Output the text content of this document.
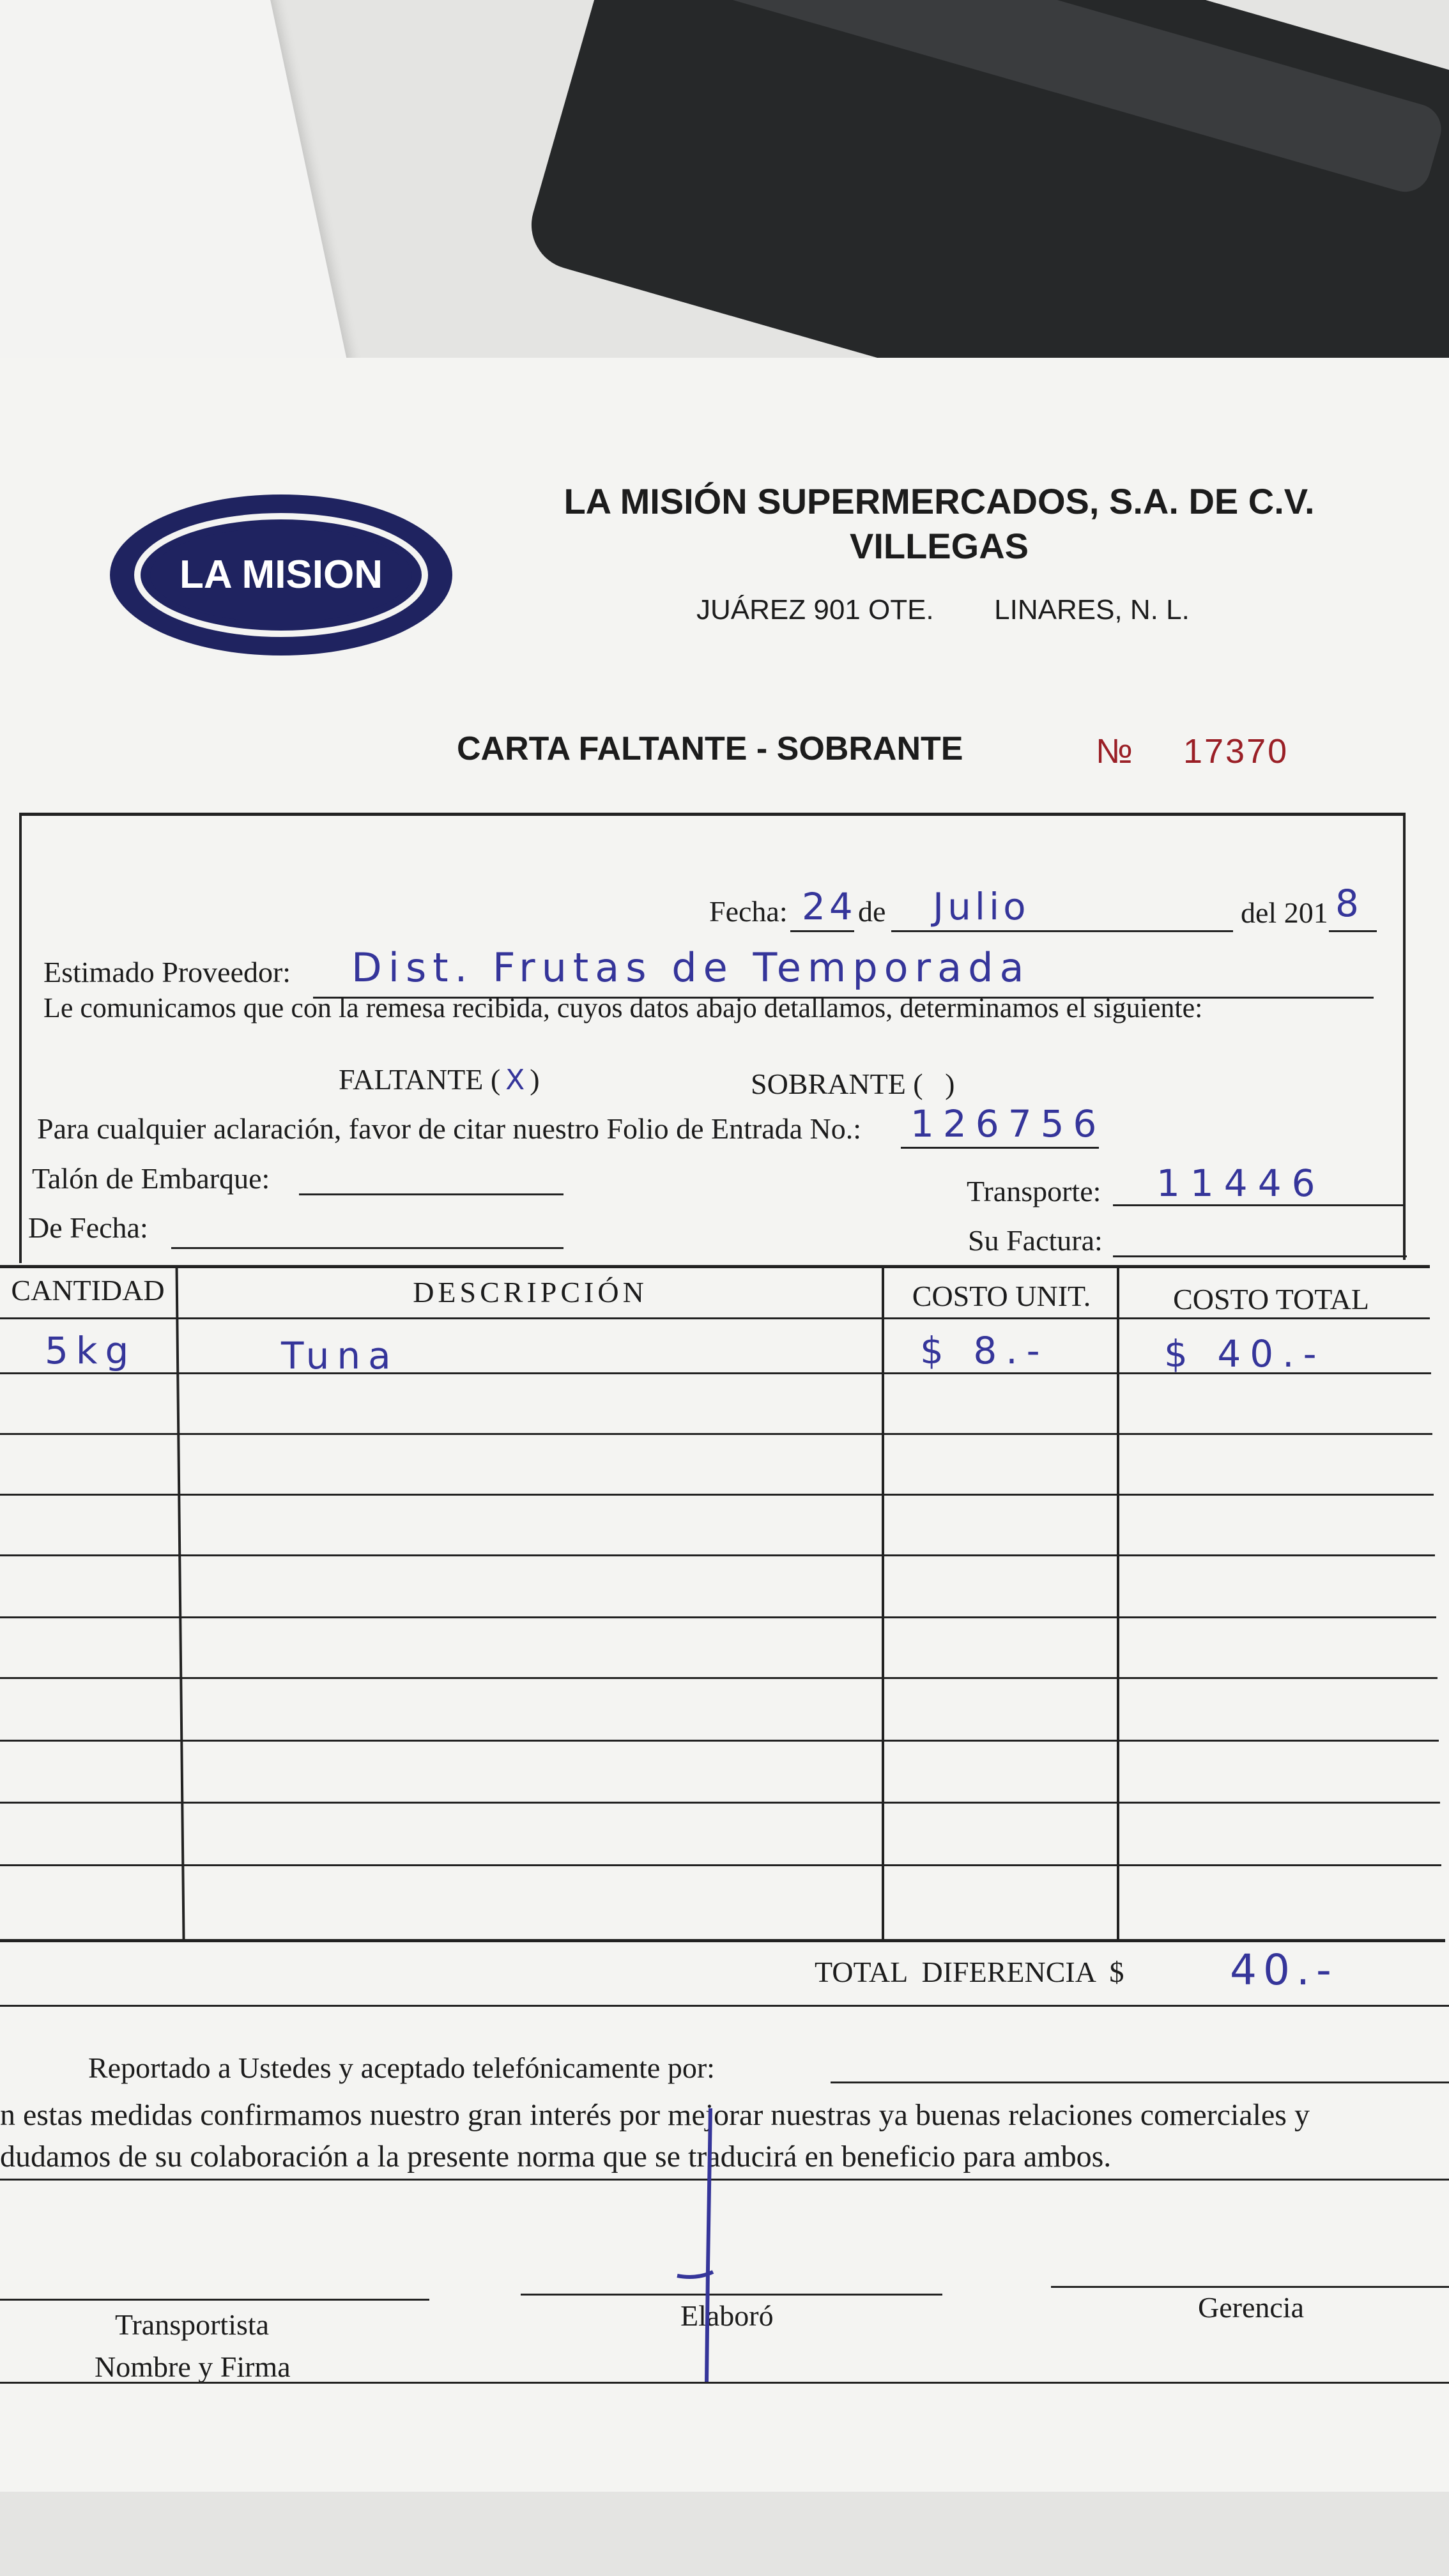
LA MISION
LA MISIÓN SUPERMERCADOS, S.A. DE C.V.
VILLEGAS
JUÁREZ 901 OTE. LINARES, N. L.
CARTA FALTANTE - SOBRANTE	№ 17370
Fecha: 24 de Julio	del 201 8
Estimado Proveedor: Dist. Frutas de Temporada
Le comunicamos que con la remesa recibida, cuyos datos abajo detallamos, determinamos el siguiente:
FALTANTE ( X )	SOBRANTE (   )
Para cualquier aclaración, favor de citar nuestro Folio de Entrada No.: 126756
Talón de Embarque:	Transporte: 11446
De Fecha:	Su Factura:
CANTIDAD	DESCRIPCIÓN	COSTO UNIT.	COSTO TOTAL
5kg	Tuna	$ 8.-	$ 40.-
TOTAL  DIFERENCIA  $	40.-
Reportado a Ustedes y aceptado telefónicamente por:
n estas medidas confirmamos nuestro gran interés por mejorar nuestras ya buenas relaciones comerciales y
dudamos de su colaboración a la presente norma que se traducirá en beneficio para ambos.
Transportista
Nombre y Firma
Elaboró	Gerencia
